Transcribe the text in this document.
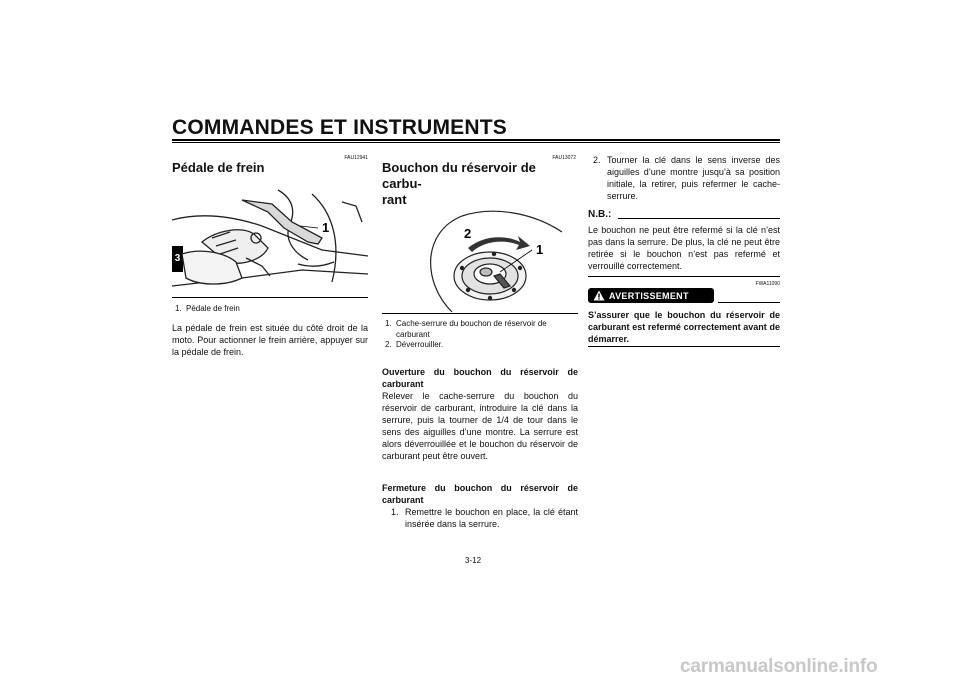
COMMANDES ET INSTRUMENTS
3
FAU12941
Pédale de frein
1
1. Pédale de frein
La pédale de frein est située du côté droit de la moto. Pour actionner le frein arrière, appuyer sur la pédale de frein.
FAU13072
Bouchon du réservoir de carbu-
rant
2
1
1. Cache-serrure du bouchon de réservoir de carburant
2. Déverrouiller.
Ouverture du bouchon du réservoir de carburant
Relever le cache-serrure du bouchon du réservoir de carburant, introduire la clé dans la serrure, puis la tourner de 1/4 de tour dans le sens des aiguilles d’une montre. La serrure est alors déverrouillée et le bouchon du réservoir de carburant peut être ouvert.
Fermeture du bouchon du réservoir de carburant
1. Remettre le bouchon en place, la clé étant insérée dans la serrure.
2. Tourner la clé dans le sens inverse des aiguilles d’une montre jusqu’à sa position initiale, la retirer, puis refermer le cache-serrure.
N.B.:
Le bouchon ne peut être refermé si la clé n’est pas dans la serrure. De plus, la clé ne peut être retirée si le bouchon n’est pas refermé et verrouillé correctement.
FWA11090
AVERTISSEMENT
S’assurer que le bouchon du réservoir de carburant est refermé correctement avant de démarrer.
3-12
carmanualsonline.info
